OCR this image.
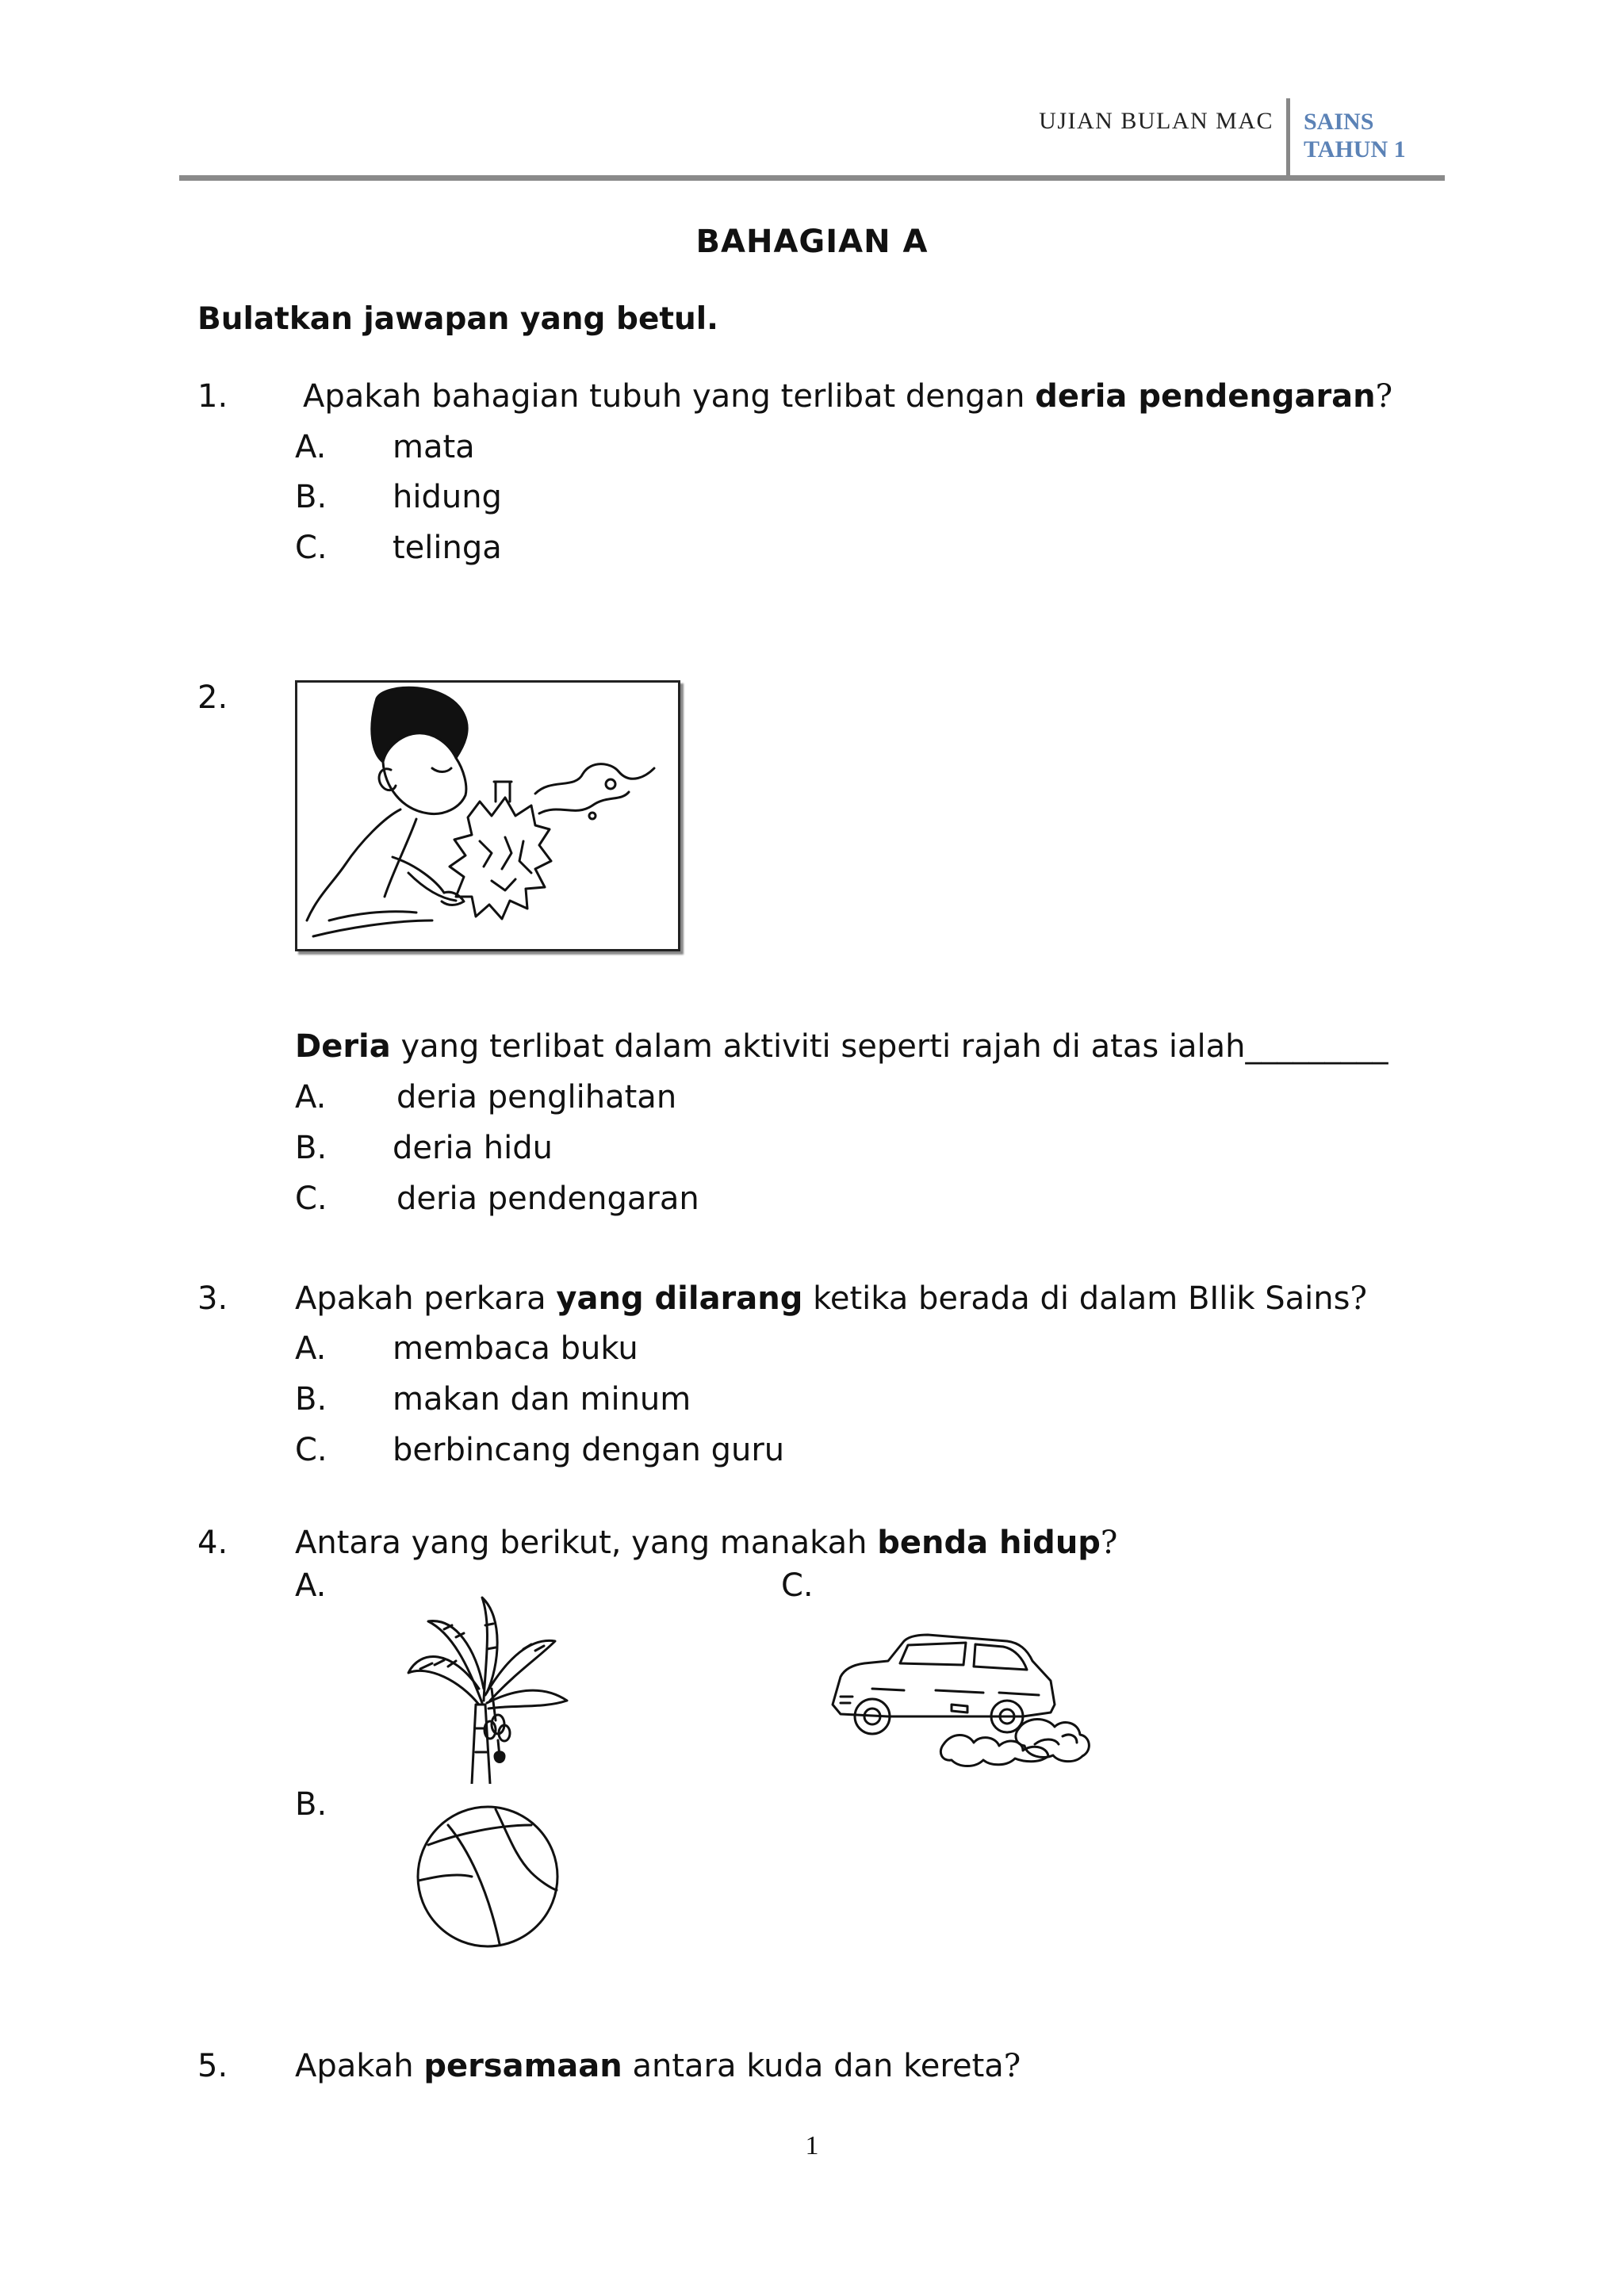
UJIAN BULAN MAC SAINS
TAHUN 1
BAHAGIAN A
Bulatkan jawapan yang betul.
1. Apakah bahagian tubuh yang terlibat dengan deria pendengaran?
A. mata
B. hidung
C. telinga
2.
Deria yang terlibat dalam aktiviti seperti rajah di atas ialah_________
A. deria penglihatan
B. deria hidu
C. deria pendengaran
3. Apakah perkara yang dilarang ketika berada di dalam BIlik Sains?
A. membaca buku
B. makan dan minum
C. berbincang dengan guru
4. Antara yang berikut, yang manakah benda hidup?
A.
B.
C.
5. Apakah persamaan antara kuda dan kereta?
1
